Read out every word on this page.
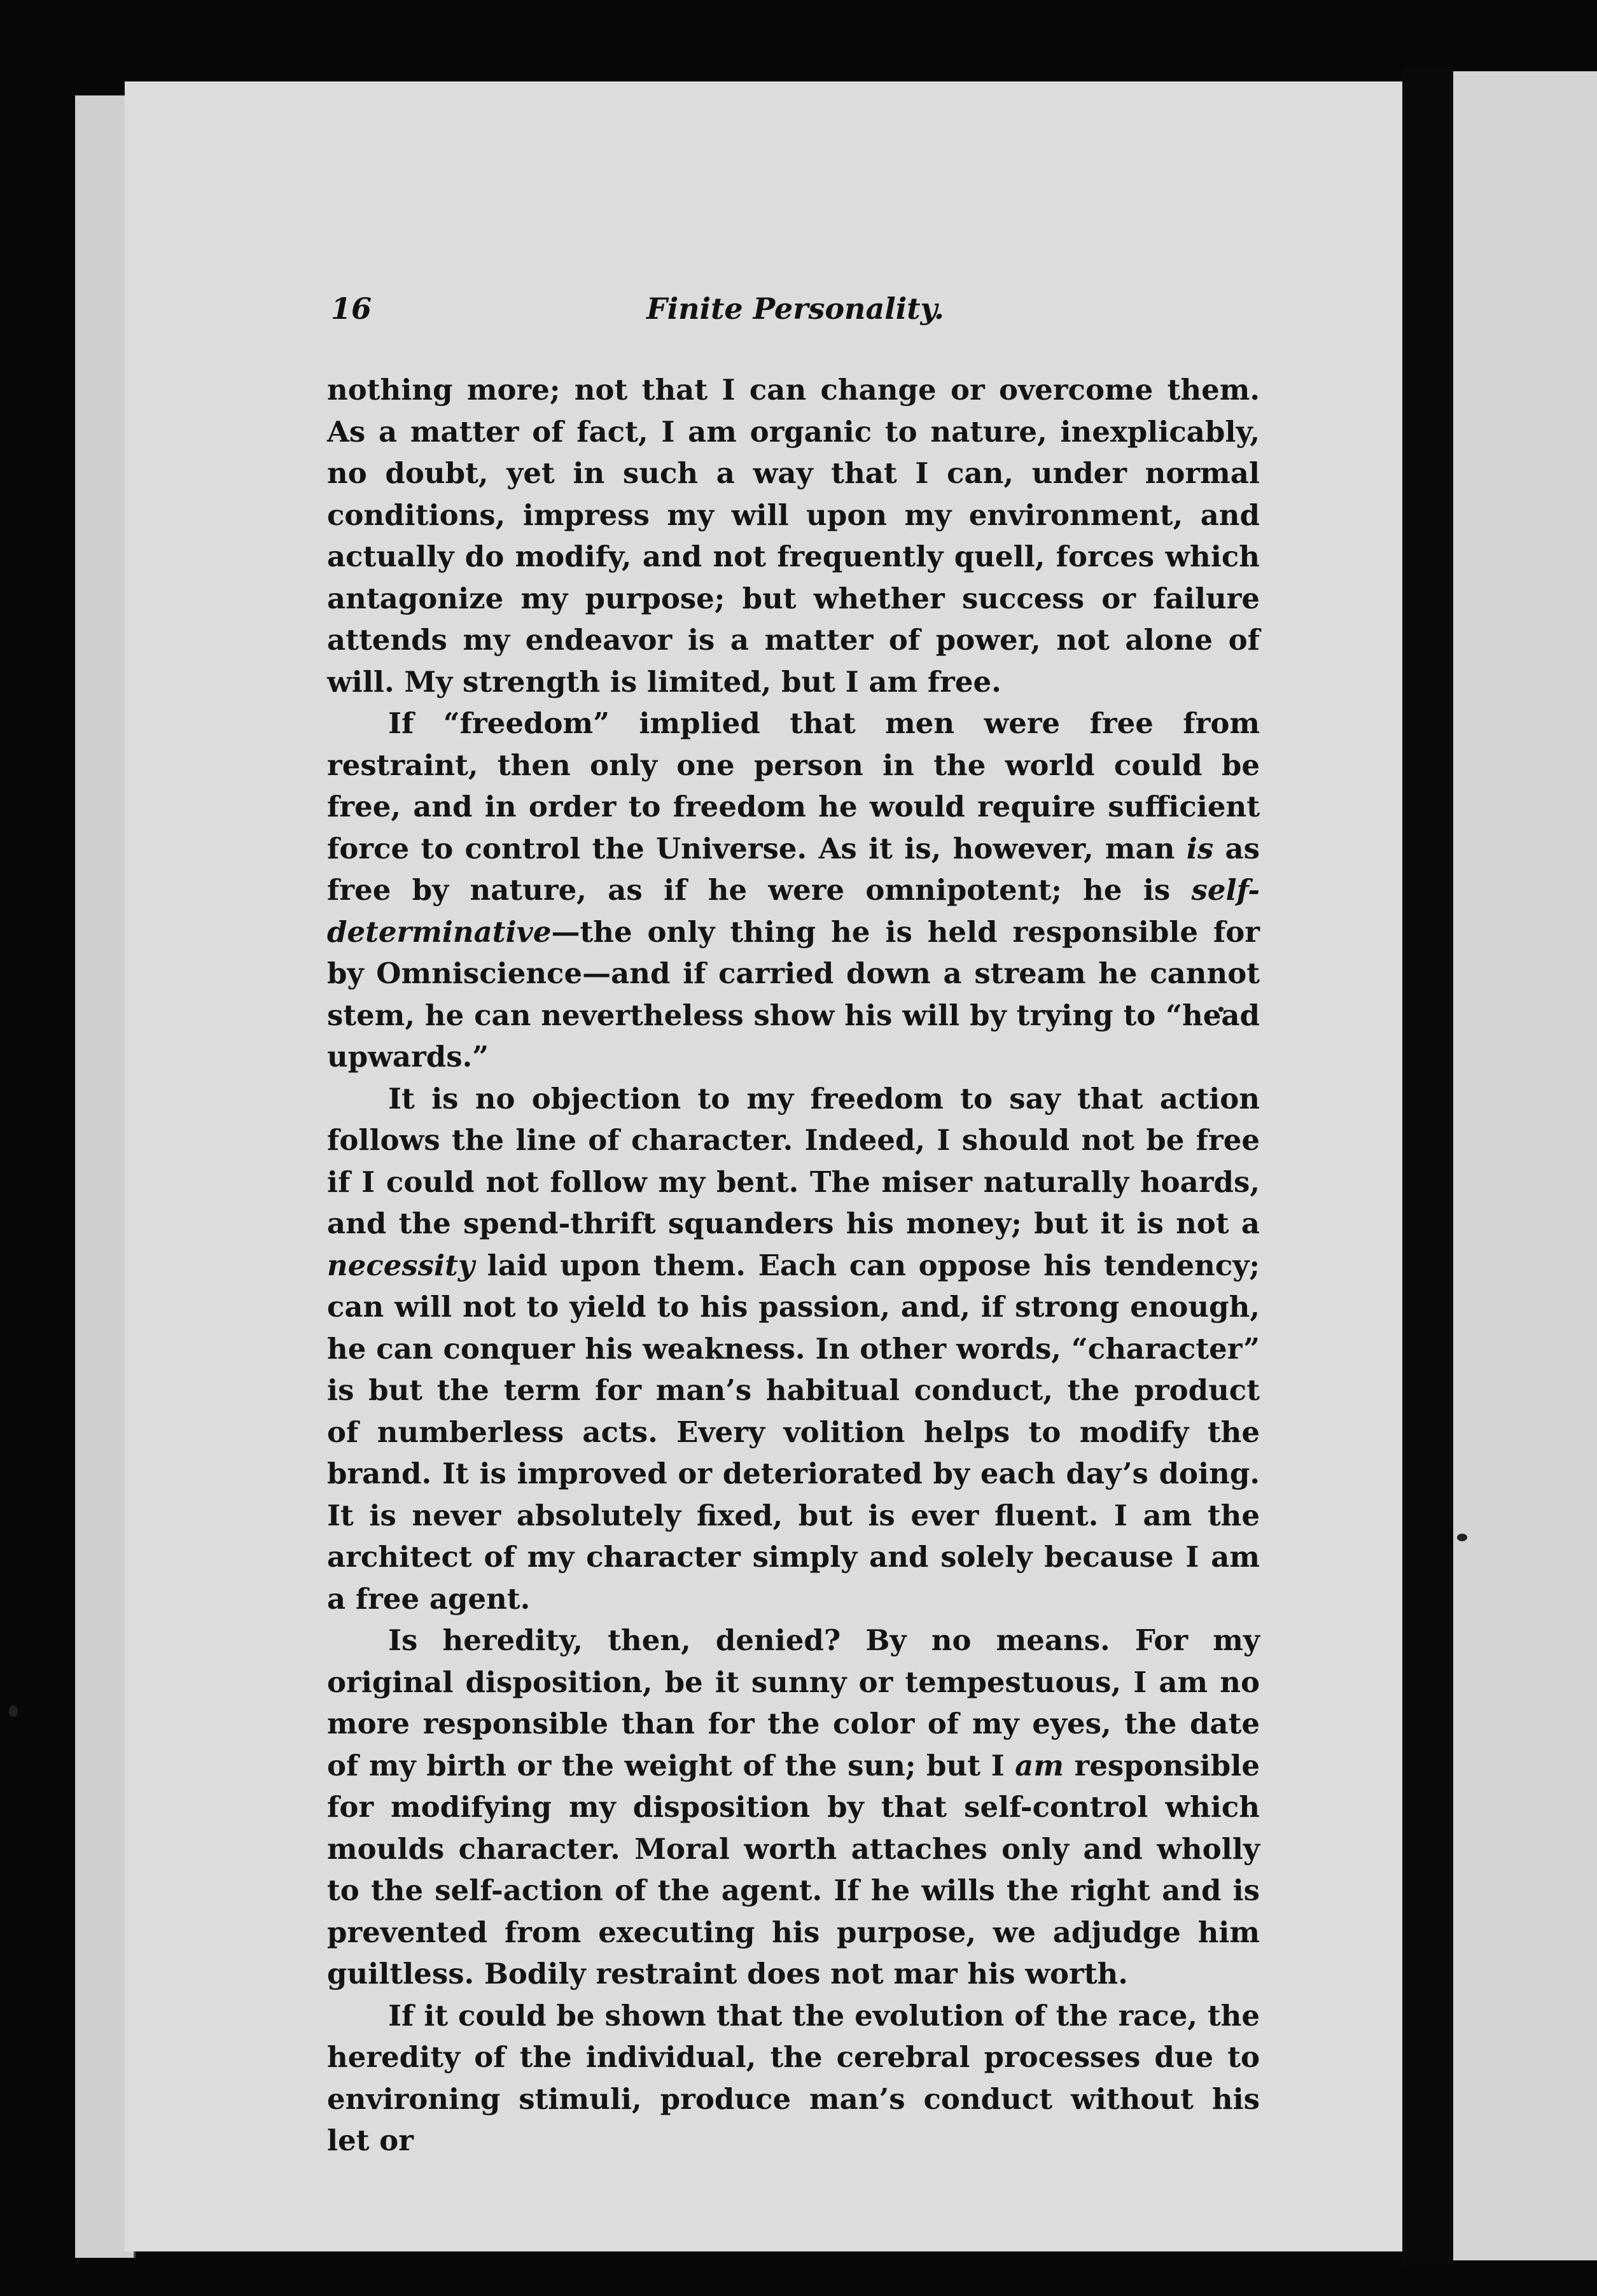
16	Finite Personality.

nothing more; not that I can change or overcome them. As a matter of fact, I am organic to nature, inexplicably, no doubt, yet in such a way that I can, under normal conditions, impress my will upon my environment, and actually do modify, and not frequently quell, forces which antagonize my purpose; but whether success or failure attends my endeavor is a matter of power, not alone of will. My strength is limited, but I am free.

If “freedom” implied that men were free from restraint, then only one person in the world could be free, and in order to freedom he would require sufficient force to control the Universe. As it is, however, man is as free by nature, as if he were omnipotent; he is self-determinative—the only thing he is held responsible for by Omniscience—and if carried down a stream he cannot stem, he can nevertheless show his will by trying to “head upwards.”

It is no objection to my freedom to say that action follows the line of character. Indeed, I should not be free if I could not follow my bent. The miser naturally hoards, and the spend-thrift squanders his money; but it is not a necessity laid upon them. Each can oppose his tendency; can will not to yield to his passion, and, if strong enough, he can conquer his weakness. In other words, “character” is but the term for man’s habitual conduct, the product of numberless acts. Every volition helps to modify the brand. It is improved or deteriorated by each day’s doing. It is never absolutely fixed, but is ever fluent. I am the architect of my character simply and solely because I am a free agent.

Is heredity, then, denied? By no means. For my original disposition, be it sunny or tempestuous, I am no more responsible than for the color of my eyes, the date of my birth or the weight of the sun; but I am responsible for modifying my disposition by that self-control which moulds character. Moral worth attaches only and wholly to the self-action of the agent. If he wills the right and is prevented from executing his purpose, we adjudge him guiltless. Bodily restraint does not mar his worth.

If it could be shown that the evolution of the race, the heredity of the individual, the cerebral processes due to environing stimuli, produce man’s conduct without his let or
